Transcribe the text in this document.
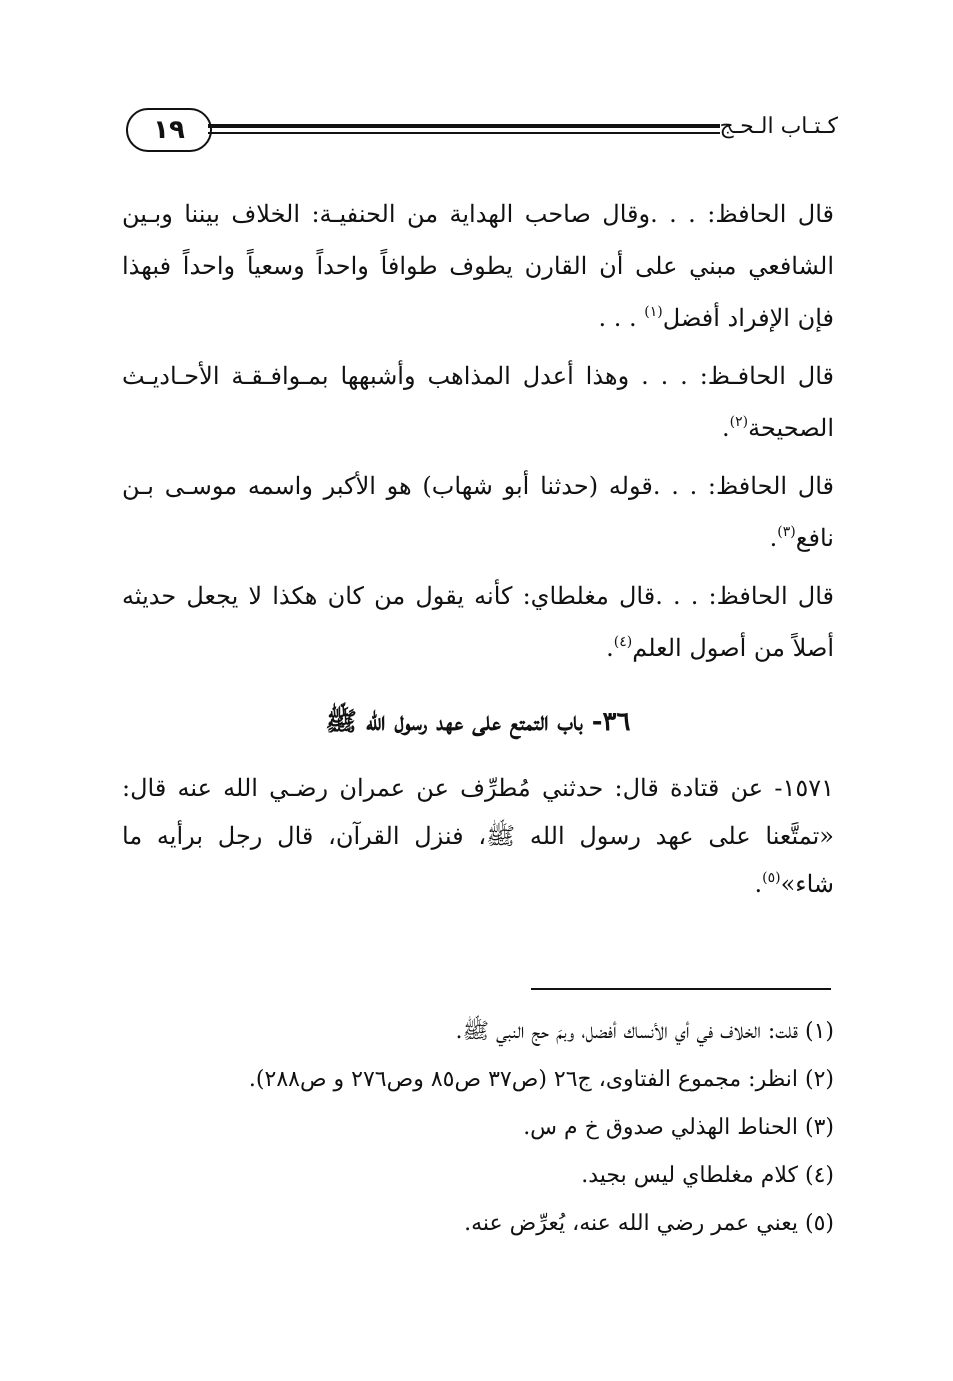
١٩	كـتـاب الـحـج

قال الحافظ: . . .وقال صاحب الهداية من الحنفيـة: الخلاف بيننا وبـين الشافعي مبني على أن القارن يطوف طوافاً واحداً وسعياً واحداً فبهذا فإن الإفراد أفضل$^{(١)}$ . . .

قال الحافـظ: . . . وهذا أعدل المذاهب وأشبهها بمـوافـقـة الأحـاديـث الصحيحة$^{(٢)}$.

قال الحافظ: . . .قوله (حدثنا أبو شهاب) هو الأكبر واسمه موسـى بـن نافع$^{(٣)}$.

قال الحافظ: . . .قال مغلطاي: كأنه يقول من كان هكذا لا يجعل حديثه أصلاً من أصول العلم$^{(٤)}$.

٣٦- باب التمتع على عهد رسول الله ﷺ

١٥٧١- عن قتادة قال: حدثني مُطرِّف عن عمران رضـي الله عنه قال: «تمتَّعنا على عهد رسول الله ﷺ، فنزل القرآن، قال رجل برأيه ما شاء»$^{(٥)}$.

(١) قلت: الخلاف في أي الأنساك أفضل، وبمَ حج النبي ﷺ.
(٢) انظر: مجموع الفتاوى، ج٢٦ (ص٣٧ ص٨٥ وص٢٧٦ و ص٢٨٨).
(٣) الحناط الهذلي صدوق خ م س.
(٤) كلام مغلطاي ليس بجيد.
(٥) يعني عمر رضي الله عنه، يُعرِّض عنه.
